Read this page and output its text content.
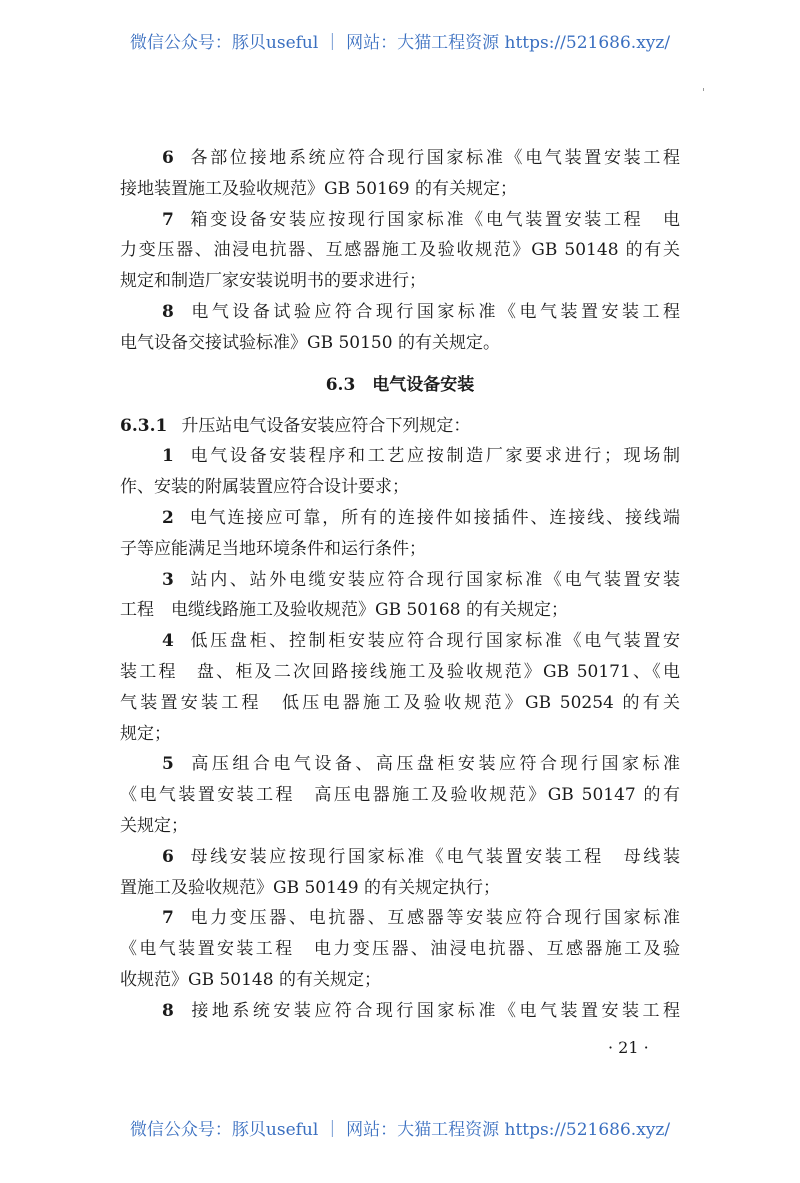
微信公众号：豚贝useful ｜ 网站：大猫工程资源 https://521686.xyz/
6 各部位接地系统应符合现行国家标准《电气装置安装工程
接地装置施工及验收规范》GB 50169 的有关规定；
7 箱变设备安装应按现行国家标准《电气装置安装工程　电
力变压器、油浸电抗器、互感器施工及验收规范》GB 50148 的有关
规定和制造厂家安装说明书的要求进行；
8 电气设备试验应符合现行国家标准《电气装置安装工程
电气设备交接试验标准》GB 50150 的有关规定。
6.3　电气设备安装
6.3.1 升压站电气设备安装应符合下列规定：
1 电气设备安装程序和工艺应按制造厂家要求进行；现场制
作、安装的附属装置应符合设计要求；
2 电气连接应可靠，所有的连接件如接插件、连接线、接线端
子等应能满足当地环境条件和运行条件；
3 站内、站外电缆安装应符合现行国家标准《电气装置安装
工程　电缆线路施工及验收规范》GB 50168 的有关规定；
4 低压盘柜、控制柜安装应符合现行国家标准《电气装置安
装工程　盘、柜及二次回路接线施工及验收规范》GB 50171、《电
气装置安装工程　低压电器施工及验收规范》GB 50254 的有关
规定；
5 高压组合电气设备、高压盘柜安装应符合现行国家标准
《电气装置安装工程　高压电器施工及验收规范》GB 50147 的有
关规定；
6 母线安装应按现行国家标准《电气装置安装工程　母线装
置施工及验收规范》GB 50149 的有关规定执行；
7 电力变压器、电抗器、互感器等安装应符合现行国家标准
《电气装置安装工程　电力变压器、油浸电抗器、互感器施工及验
收规范》GB 50148 的有关规定；
8 接地系统安装应符合现行国家标准《电气装置安装工程
· 21 ·
微信公众号：豚贝useful ｜ 网站：大猫工程资源 https://521686.xyz/
